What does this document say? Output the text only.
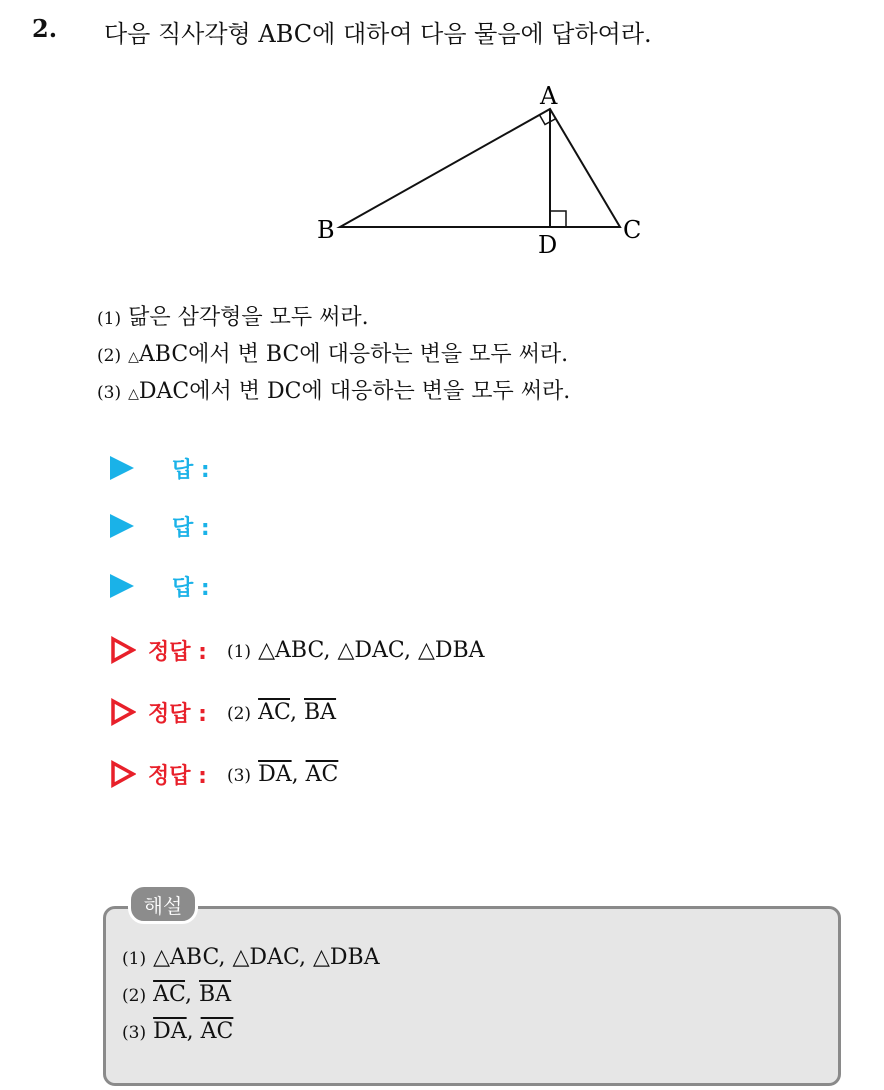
2. 다음 직사각형 ABC에 대하여 다음 물음에 답하여라.
A
B	C
D
(1) 닮은 삼각형을 모두 써라.
(2) △ABC에서 변 BC에 대응하는 변을 모두 써라.
(3) △DAC에서 변 DC에 대응하는 변을 모두 써라.
답 :
답 :
답 :
정답 : (1) △ABC, △DAC, △DBA
정답 : (2) $\overline{AC}$, $\overline{BA}$
정답 : (3) $\overline{DA}$, $\overline{AC}$
해설
(1) △ABC, △DAC, △DBA
(2) $\overline{AC}$, $\overline{BA}$
(3) $\overline{DA}$, $\overline{AC}$
